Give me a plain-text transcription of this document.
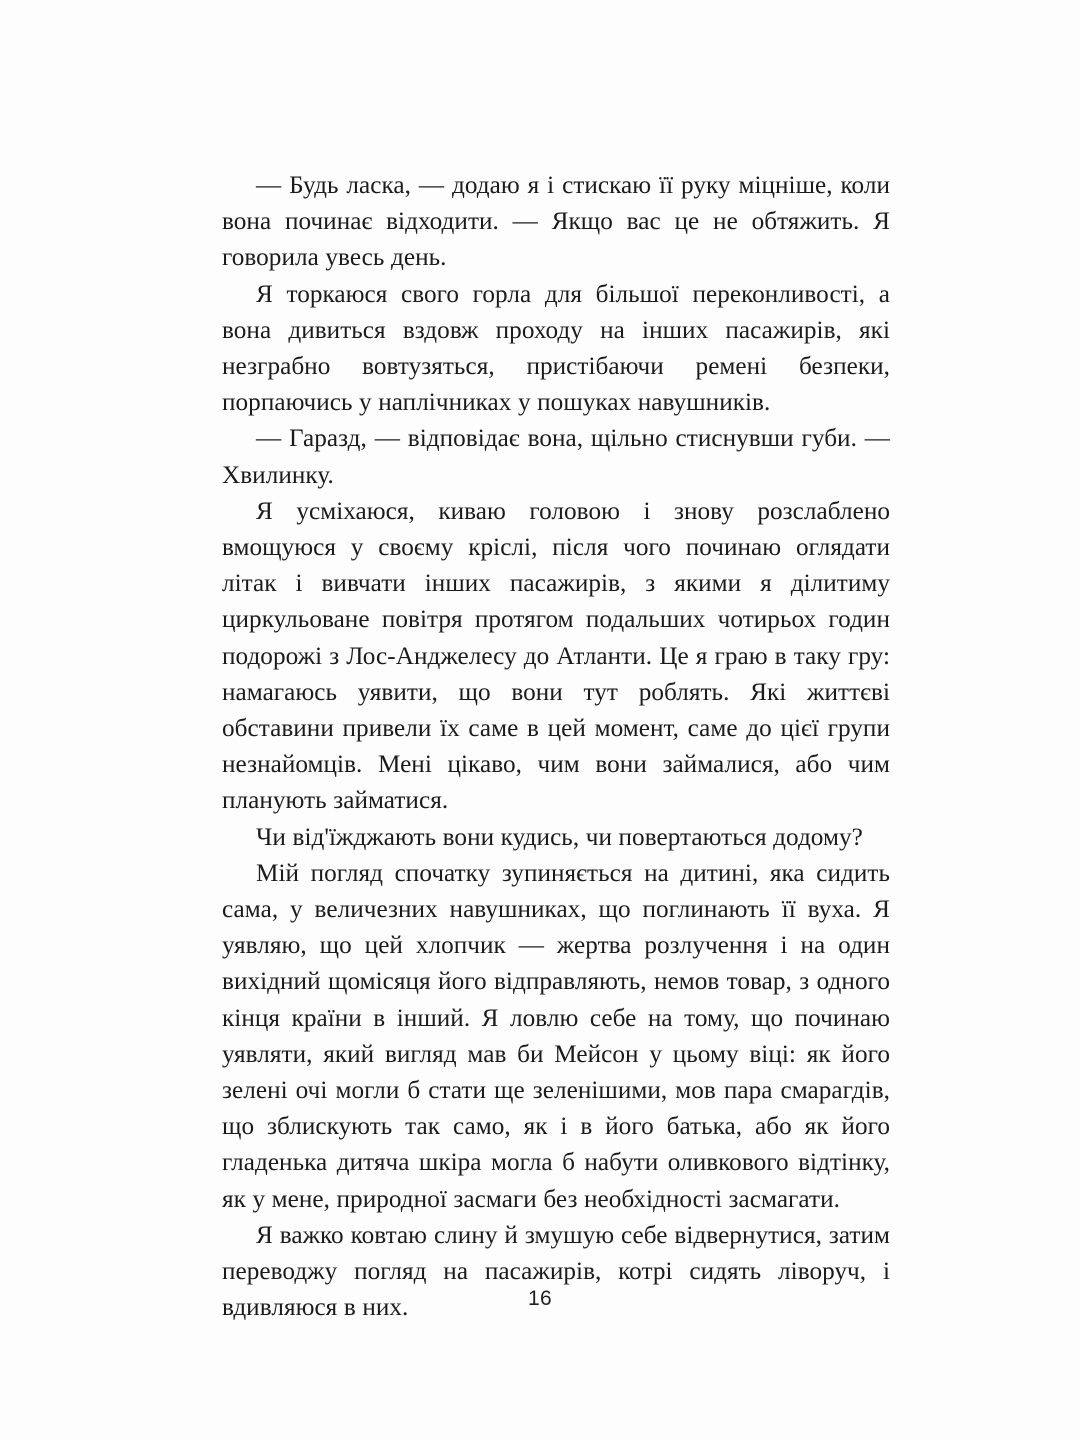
— Будь ласка, — додаю я і стискаю її руку міцніше, коли вона починає відходити. — Якщо вас це не обтяжить. Я говорила увесь день.

Я торкаюся свого горла для більшої переконливості, а вона дивиться вздовж проходу на інших пасажирів, які незграбно вовтузяться, пристібаючи ремені безпеки, порпаючись у наплічниках у пошуках навушників.

— Гаразд, — відповідає вона, щільно стиснувши губи. — Хвилинку.

Я усміхаюся, киваю головою і знову розслаблено вмощуюся у своєму кріслі, після чого починаю оглядати літак і вивчати інших пасажирів, з якими я ділитиму циркульоване повітря протягом подальших чотирьох годин подорожі з Лос-Анджелесу до Атланти. Це я граю в таку гру: намагаюсь уявити, що вони тут роблять. Які життєві обставини привели їх саме в цей момент, саме до цієї групи незнайомців. Мені цікаво, чим вони займалися, або чим планують займатися.

Чи від'їжджають вони кудись, чи повертаються додому?

Мій погляд спочатку зупиняється на дитині, яка сидить сама, у величезних навушниках, що поглинають її вуха. Я уявляю, що цей хлопчик — жертва розлучення і на один вихідний щомісяця його відправляють, немов товар, з одного кінця країни в інший. Я ловлю себе на тому, що починаю уявляти, який вигляд мав би Мейсон у цьому віці: як його зелені очі могли б стати ще зеленішими, мов пара смарагдів, що зблискують так само, як і в його батька, або як його гладенька дитяча шкіра могла б набути оливкового відтінку, як у мене, природної засмаги без необхідності засмагати.

Я важко ковтаю слину й змушую себе відвернутися, затим переводжу погляд на пасажирів, котрі сидять ліворуч, і вдивляюся в них.	16
